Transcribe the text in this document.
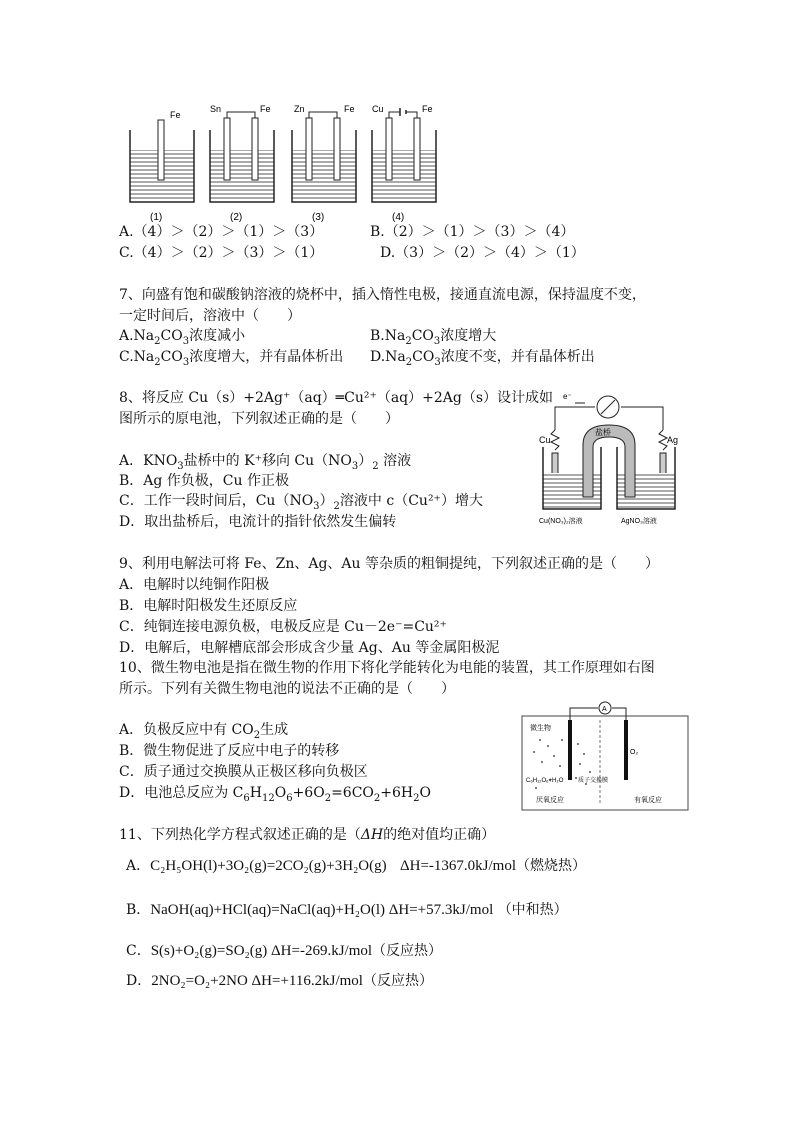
Fe
Sn	Fe	Zn	Fe Cu	Fe
(1)	(2)	(3)	(4)
A.（4）＞（2）＞（1）＞（3）	B.（2）＞（1）＞（3）＞（4）
C.（4）＞（2）＞（3）＞（1）	D.（3）＞（2）＞（4）＞（1）
7、向盛有饱和碳酸钠溶液的烧杯中，插入惰性电极，接通直流电源，保持温度不变，
一定时间后，溶液中（　　）
$A.Na_2CO_3$浓度减小	$B.Na_2CO_3$浓度增大
$C.Na_2CO_3$浓度增大，并有晶体析出 $D.Na_2CO_3$浓度不变，并有晶体析出
8、将反应 Cu（s）+2Ag⁺（aq）═Cu²⁺（aq）+2Ag（s）设计成如
图所示的原电池，下列叙述正确的是（　　）
A．$KNO_3$盐桥中的 K⁺移向 $Cu(NO_3)_2$ 溶液
B．Ag 作负极，Cu 作正极
C．工作一段时间后，$Cu(NO_3)_2$溶液中 c（Cu²⁺）增大
D．取出盐桥后，电流计的指针依然发生偏转
e⁻
Cu	Ag
盐桥
Cu(NO₃)₂溶液	AgNO₃溶液
9、利用电解法可将 Fe、Zn、Ag、Au 等杂质的粗铜提纯，下列叙述正确的是（　　）
A．电解时以纯铜作阳极
B．电解时阳极发生还原反应
C．纯铜连接电源负极，电极反应是 Cu－2e⁻=Cu²⁺
D．电解后，电解槽底部会形成含少量 Ag、Au 等金属阳极泥
10、微生物电池是指在微生物的作用下将化学能转化为电能的装置，其工作原理如右图
所示。下列有关微生物电池的说法不正确的是（　　）
A．负极反应中有 $CO_2$生成
B．微生物促进了反应中电子的转移
C．质子通过交换膜从正极区移向负极区
D．电池总反应为 $C_6H_{12}O_6+6O_2=6CO_2+6H_2O$
A
微生物
O₂
C₆H₁₂O₆+H₂O 质子交换膜
厌氧反应	有氧反应
11、下列热化学方程式叙述正确的是（ΔH的绝对值均正确）
A．C₂H₅OH(l)+3O₂(g)=2CO₂(g)+3H₂O(g) ΔH=-1367.0kJ/mol（燃烧热）
B．NaOH(aq)+HCl(aq)=NaCl(aq)+H₂O(l) ΔH=+57.3kJ/mol （中和热）
C．S(s)+O₂(g)=SO₂(g) ΔH=-269.kJ/mol（反应热）
D．2NO₂=O₂+2NO ΔH=+116.2kJ/mol（反应热）
